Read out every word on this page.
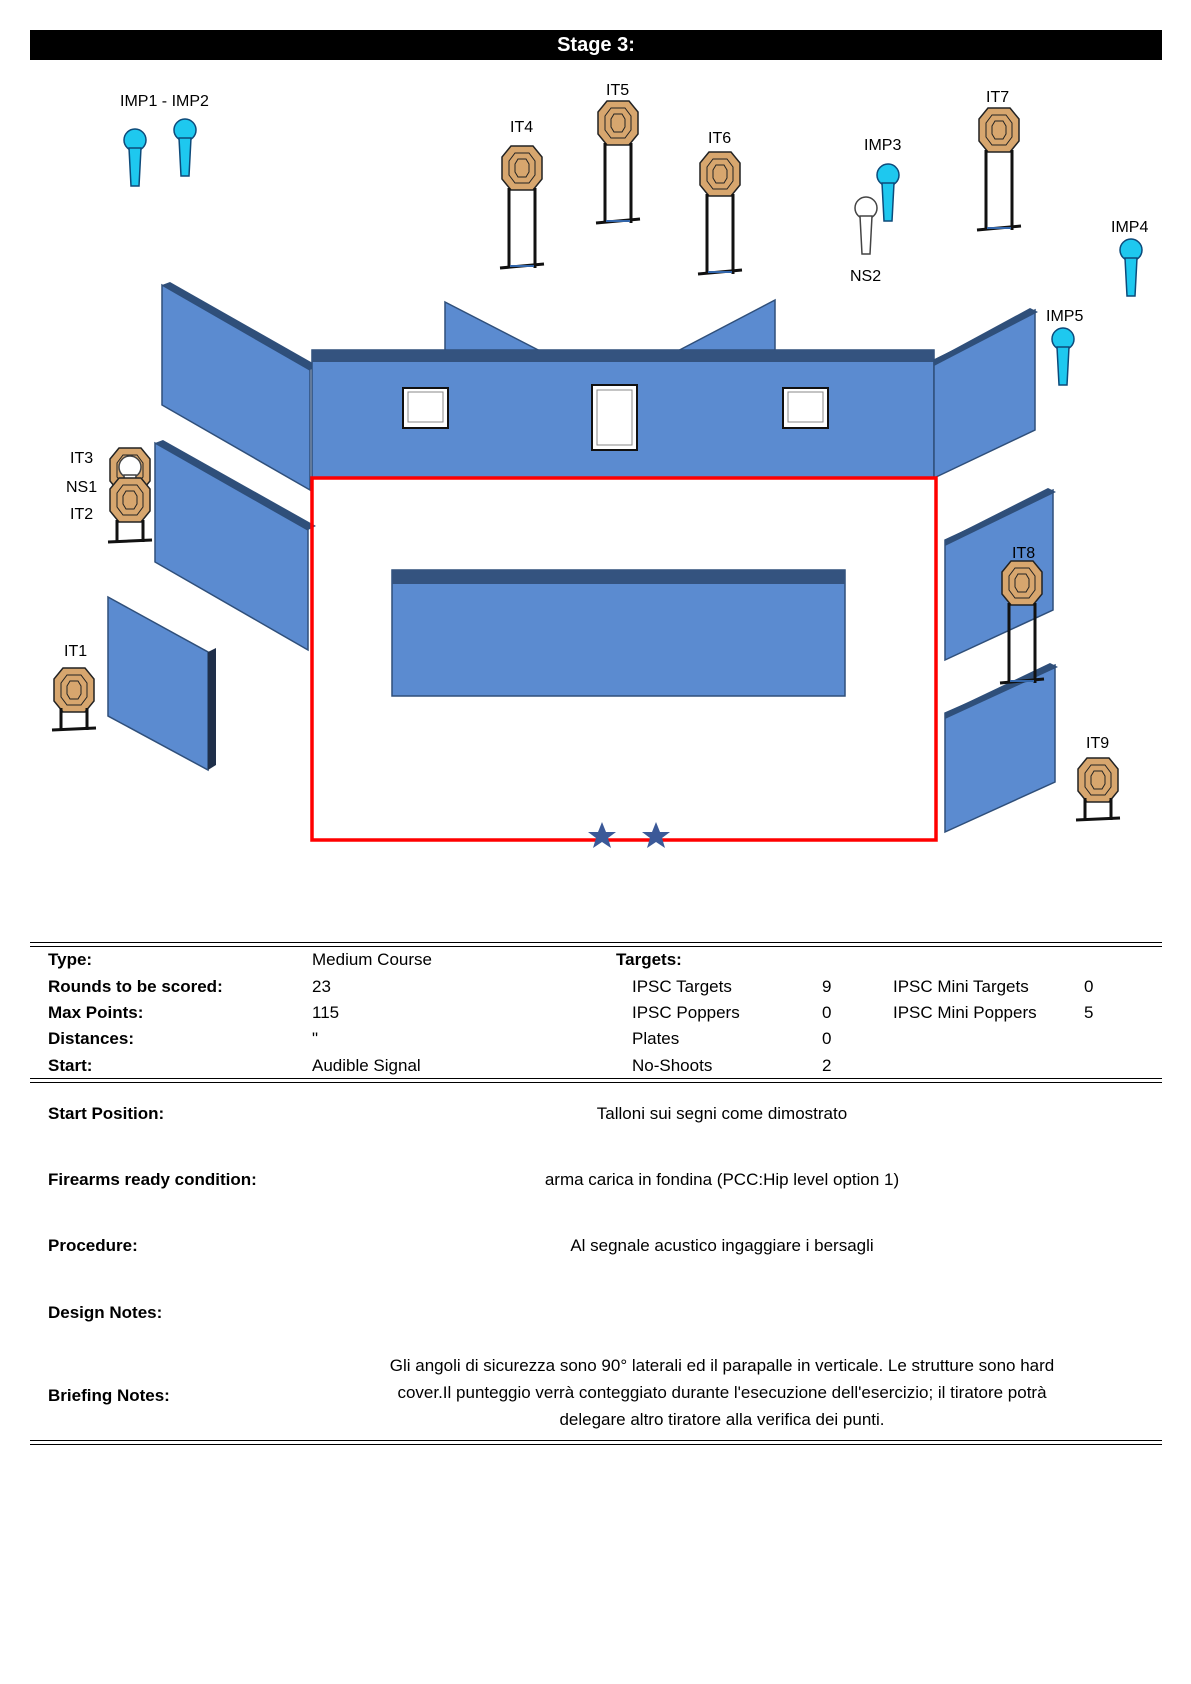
Stage 3:
IMP1 - IMP2
IT5
IT4
IT6	IMP3
IT7
IMP4
NS2
IMP5
IT3
NS1
IT2
IT1
IT8
IT9
Type:	Medium Course	Targets:
Rounds to be scored:	23	IPSC Targets	9	IPSC Mini Targets	0
Max Points:	115	IPSC Poppers	0	IPSC Mini Poppers	5
Distances:	"	Plates	0
Start:	Audible Signal	No-Shoots	2
Start Position:	Talloni sui segni come dimostrato
Firearms ready condition:	arma carica in fondina (PCC:Hip level option 1)
Procedure:	Al segnale acustico ingaggiare i bersagli
Design Notes:
Briefing Notes:
Gli angoli di sicurezza sono 90° laterali ed il parapalle in verticale. Le strutture sono hard
cover.Il punteggio verrà conteggiato durante l'esecuzione dell'esercizio; il tiratore potrà
delegare altro tiratore alla verifica dei punti.
